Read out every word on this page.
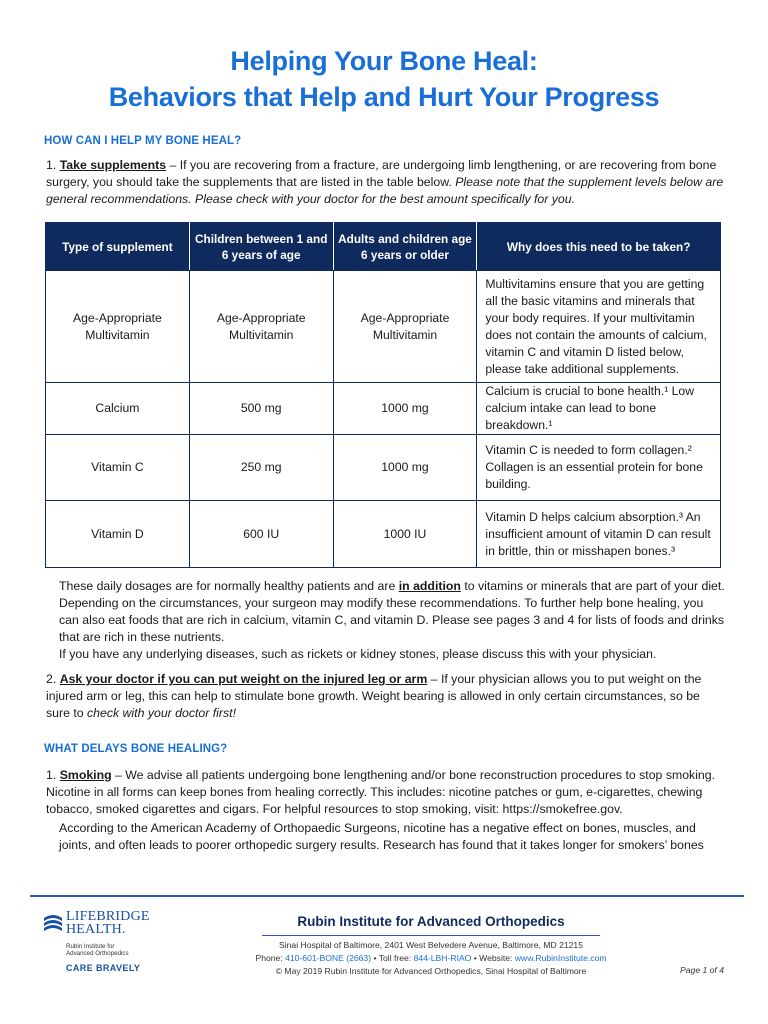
Helping Your Bone Heal:
Behaviors that Help and Hurt Your Progress
HOW CAN I HELP MY BONE HEAL?
1. Take supplements – If you are recovering from a fracture, are undergoing limb lengthening, or are recovering from bone surgery, you should take the supplements that are listed in the table below. Please note that the supplement levels below are general recommendations. Please check with your doctor for the best amount specifically for you.
Type of supplement	Children between 1 and 6 years of age	Adults and children age 6 years or older	Why does this need to be taken?
Age-Appropriate Multivitamin	Age-Appropriate Multivitamin	Age-Appropriate Multivitamin	Multivitamins ensure that you are getting all the basic vitamins and minerals that your body requires. If your multivitamin does not contain the amounts of calcium, vitamin C and vitamin D listed below, please take additional supplements.
Calcium	500 mg	1000 mg	Calcium is crucial to bone health.¹ Low calcium intake can lead to bone breakdown.¹
Vitamin C	250 mg	1000 mg	Vitamin C is needed to form collagen.² Collagen is an essential protein for bone building.
Vitamin D	600 IU	1000 IU	Vitamin D helps calcium absorption.³ An insufficient amount of vitamin D can result in brittle, thin or misshapen bones.³
These daily dosages are for normally healthy patients and are in addition to vitamins or minerals that are part of your diet. Depending on the circumstances, your surgeon may modify these recommendations. To further help bone healing, you can also eat foods that are rich in calcium, vitamin C, and vitamin D. Please see pages 3 and 4 for lists of foods and drinks that are rich in these nutrients.
If you have any underlying diseases, such as rickets or kidney stones, please discuss this with your physician.
2. Ask your doctor if you can put weight on the injured leg or arm – If your physician allows you to put weight on the injured arm or leg, this can help to stimulate bone growth. Weight bearing is allowed in only certain circumstances, so be sure to check with your doctor first!
WHAT DELAYS BONE HEALING?
1. Smoking – We advise all patients undergoing bone lengthening and/or bone reconstruction procedures to stop smoking. Nicotine in all forms can keep bones from healing correctly. This includes: nicotine patches or gum, e-cigarettes, chewing tobacco, smoked cigarettes and cigars. For helpful resources to stop smoking, visit: https://smokefree.gov.
According to the American Academy of Orthopaedic Surgeons, nicotine has a negative effect on bones, muscles, and joints, and often leads to poorer orthopedic surgery results. Research has found that it takes longer for smokers’ bones
LIFEBRIDGE
HEALTH.
Rubin Institute for
Advanced Orthopedics
CARE BRAVELY
Rubin Institute for Advanced Orthopedics
Sinai Hospital of Baltimore, 2401 West Belvedere Avenue, Baltimore, MD 21215
Phone: 410-601-BONE (2663) • Toll free: 844-LBH-RIAO • Website: www.RubinInstitute.com
© May 2019 Rubin Institute for Advanced Orthopedics, Sinai Hospital of Baltimore	Page 1 of 4
